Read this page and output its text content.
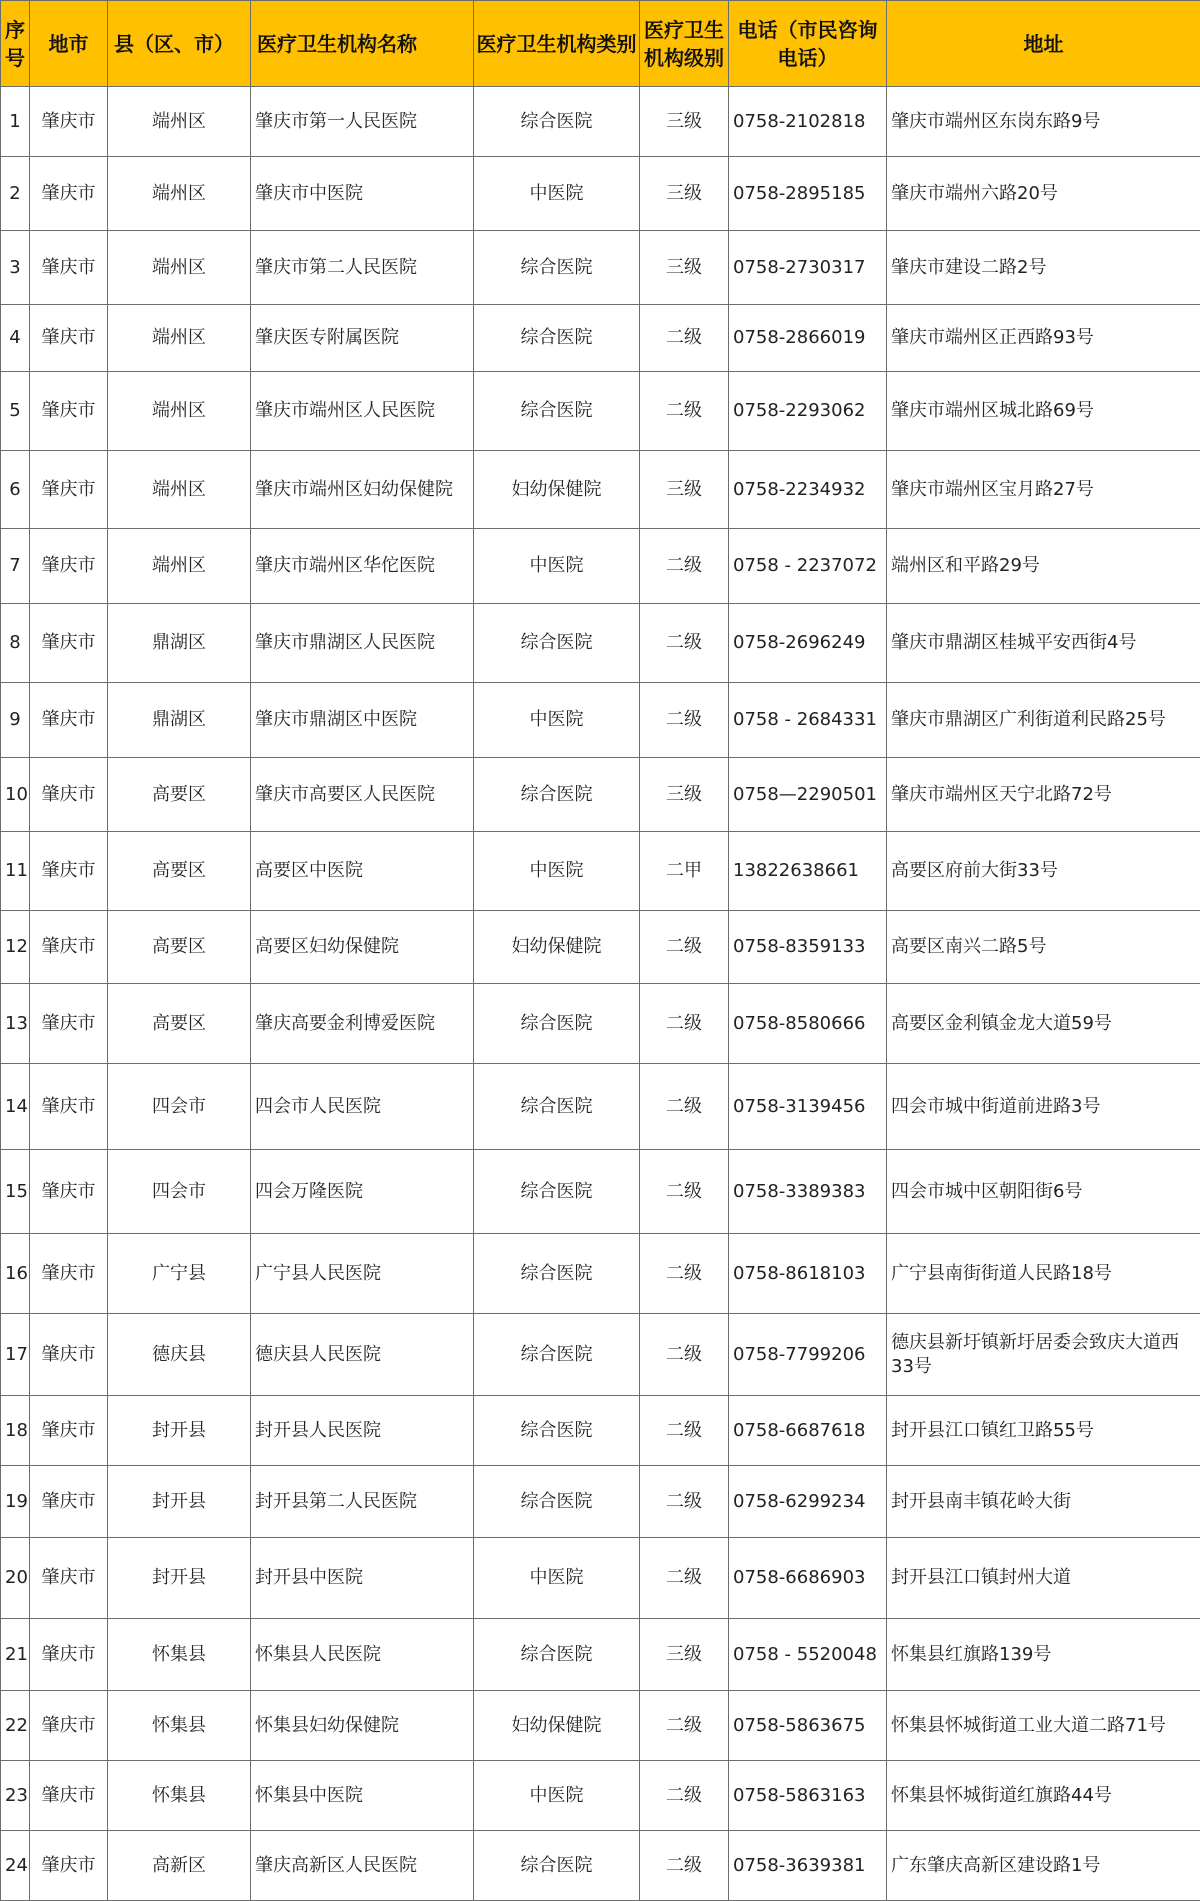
序号	地市	县（区、市）	医疗卫生机构名称	医疗卫生机构类别	医疗卫生机构级别	电话（市民咨询电话）	地址
1	肇庆市	端州区	肇庆市第一人民医院	综合医院	三级	0758-2102818	肇庆市端州区东岗东路9号
2	肇庆市	端州区	肇庆市中医院	中医院	三级	0758-2895185	肇庆市端州六路20号
3	肇庆市	端州区	肇庆市第二人民医院	综合医院	三级	0758-2730317	肇庆市建设二路2号
4	肇庆市	端州区	肇庆医专附属医院	综合医院	二级	0758-2866019	肇庆市端州区正西路93号
5	肇庆市	端州区	肇庆市端州区人民医院	综合医院	二级	0758-2293062	肇庆市端州区城北路69号
6	肇庆市	端州区	肇庆市端州区妇幼保健院	妇幼保健院	三级	0758-2234932	肇庆市端州区宝月路27号
7	肇庆市	端州区	肇庆市端州区华佗医院	中医院	二级	0758 - 2237072	端州区和平路29号
8	肇庆市	鼎湖区	肇庆市鼎湖区人民医院	综合医院	二级	0758-2696249	肇庆市鼎湖区桂城平安西街4号
9	肇庆市	鼎湖区	肇庆市鼎湖区中医院	中医院	二级	0758 - 2684331	肇庆市鼎湖区广利街道利民路25号
10	肇庆市	高要区	肇庆市高要区人民医院	综合医院	三级	0758—2290501	肇庆市端州区天宁北路72号
11	肇庆市	高要区	高要区中医院	中医院	二甲	13822638661	高要区府前大街33号
12	肇庆市	高要区	高要区妇幼保健院	妇幼保健院	二级	0758-8359133	高要区南兴二路5号
13	肇庆市	高要区	肇庆高要金利博爱医院	综合医院	二级	0758-8580666	高要区金利镇金龙大道59号
14	肇庆市	四会市	四会市人民医院	综合医院	二级	0758-3139456	四会市城中街道前进路3号
15	肇庆市	四会市	四会万隆医院	综合医院	二级	0758-3389383	四会市城中区朝阳街6号
16	肇庆市	广宁县	广宁县人民医院	综合医院	二级	0758-8618103	广宁县南街街道人民路18号
17	肇庆市	德庆县	德庆县人民医院	综合医院	二级	0758-7799206	德庆县新圩镇新圩居委会致庆大道西33号
18	肇庆市	封开县	封开县人民医院	综合医院	二级	0758-6687618	封开县江口镇红卫路55号
19	肇庆市	封开县	封开县第二人民医院	综合医院	二级	0758-6299234	封开县南丰镇花岭大街
20	肇庆市	封开县	封开县中医院	中医院	二级	0758-6686903	封开县江口镇封州大道
21	肇庆市	怀集县	怀集县人民医院	综合医院	三级	0758 - 5520048	怀集县红旗路139号
22	肇庆市	怀集县	怀集县妇幼保健院	妇幼保健院	二级	0758-5863675	怀集县怀城街道工业大道二路71号
23	肇庆市	怀集县	怀集县中医院	中医院	二级	0758-5863163	怀集县怀城街道红旗路44号
24	肇庆市	高新区	肇庆高新区人民医院	综合医院	二级	0758-3639381	广东肇庆高新区建设路1号
